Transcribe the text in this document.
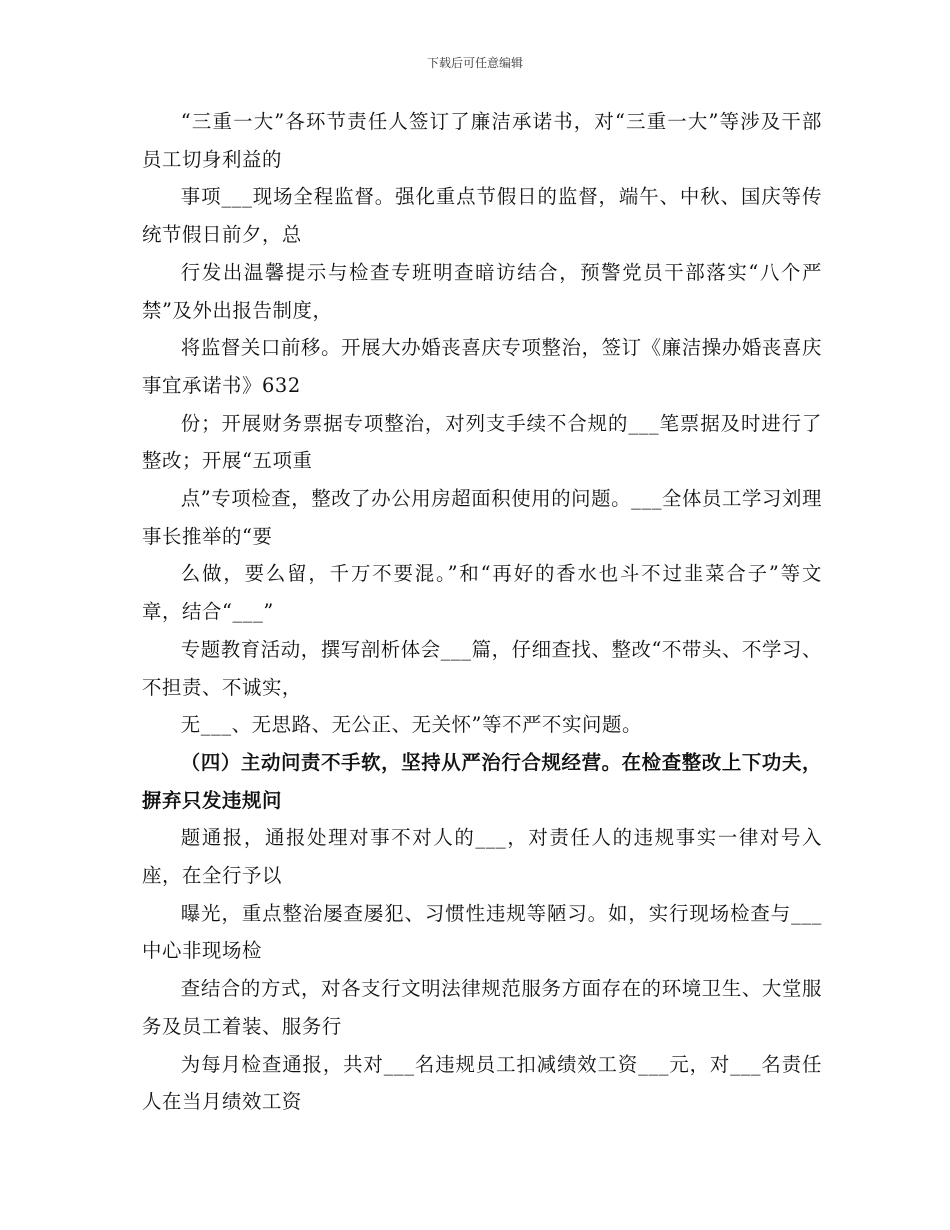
下载后可任意编辑

“三重一大”各环节责任人签订了廉洁承诺书，对“三重一大”等涉及干部员工切身利益的

事项___现场全程监督。强化重点节假日的监督，端午、中秋、国庆等传统节假日前夕，总

行发出温馨提示与检查专班明查暗访结合，预警党员干部落实“八个严禁”及外出报告制度，

将监督关口前移。开展大办婚丧喜庆专项整治，签订《廉洁操办婚丧喜庆事宜承诺书》632

份；开展财务票据专项整治，对列支手续不合规的___笔票据及时进行了整改；开展“五项重

点”专项检查，整改了办公用房超面积使用的问题。___全体员工学习刘理事长推举的“要

么做，要么留，千万不要混。”和“再好的香水也斗不过韭菜合子”等文章，结合“___”

专题教育活动，撰写剖析体会___篇，仔细查找、整改“不带头、不学习、不担责、不诚实，

无___、无思路、无公正、无关怀”等不严不实问题。

（四）主动问责不手软，坚持从严治行合规经营。在检查整改上下功夫，摒弃只发违规问

题通报，通报处理对事不对人的___，对责任人的违规事实一律对号入座，在全行予以

曝光，重点整治屡查屡犯、习惯性违规等陋习。如，实行现场检查与___中心非现场检

查结合的方式，对各支行文明法律规范服务方面存在的环境卫生、大堂服务及员工着装、服务行

为每月检查通报，共对___名违规员工扣减绩效工资___元，对___名责任人在当月绩效工资
